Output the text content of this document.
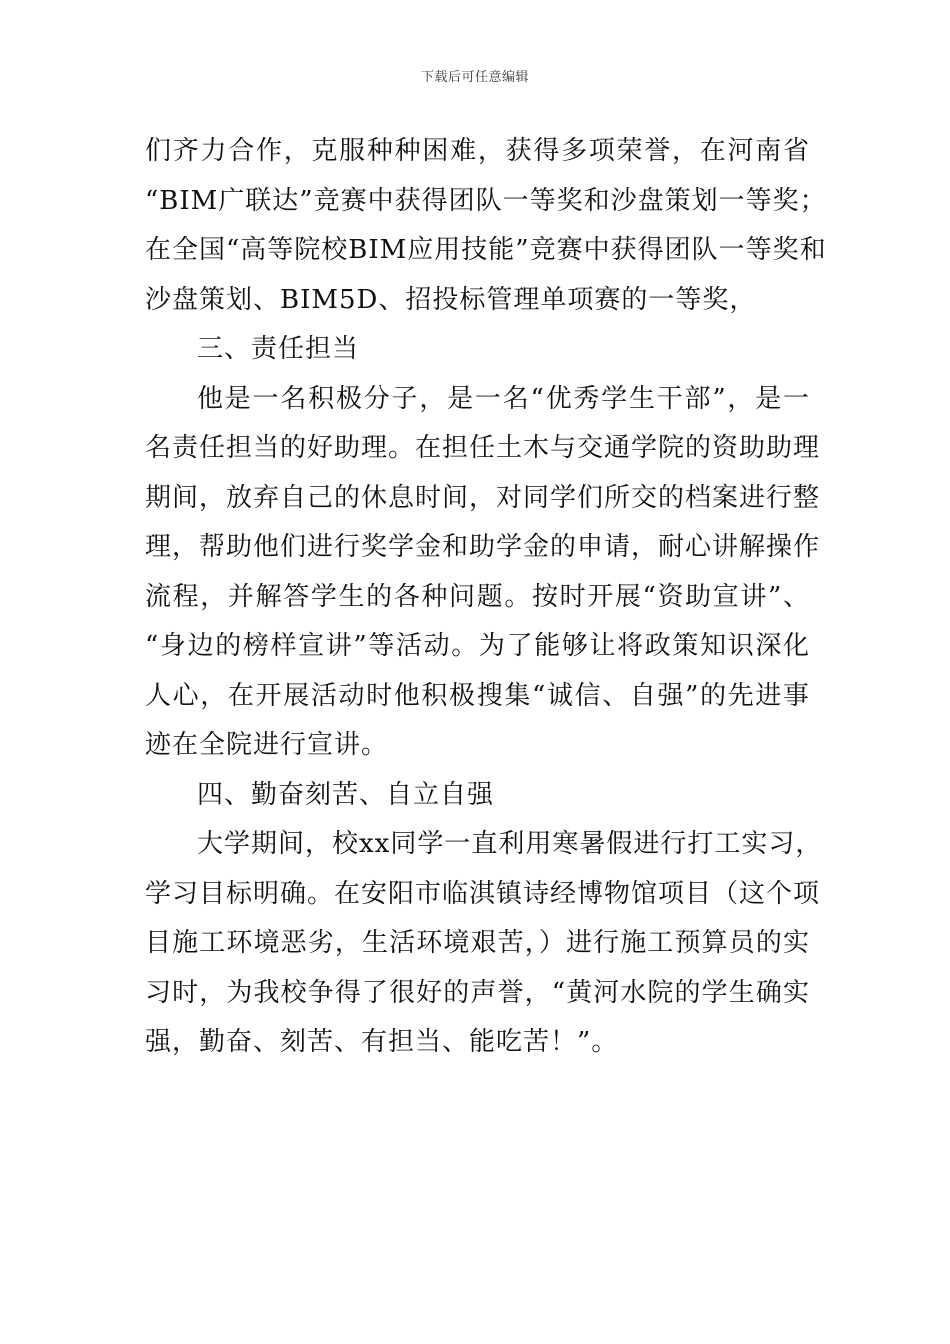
下载后可任意编辑
们齐力合作，克服种种困难，获得多项荣誉，在河南省
“BIM广联达”竞赛中获得团队一等奖和沙盘策划一等奖；
在全国“高等院校BIM应用技能”竞赛中获得团队一等奖和
沙盘策划、BIM5D、招投标管理单项赛的一等奖，
三、责任担当
他是一名积极分子，是一名“优秀学生干部”，是一
名责任担当的好助理。在担任土木与交通学院的资助助理
期间，放弃自己的休息时间，对同学们所交的档案进行整
理，帮助他们进行奖学金和助学金的申请，耐心讲解操作
流程，并解答学生的各种问题。按时开展“资助宣讲”、
“身边的榜样宣讲”等活动。为了能够让将政策知识深化
人心，在开展活动时他积极搜集“诚信、自强”的先进事
迹在全院进行宣讲。
四、勤奋刻苦、自立自强
大学期间，校xx同学一直利用寒暑假进行打工实习，
学习目标明确。在安阳市临淇镇诗经博物馆项目（这个项
目施工环境恶劣，生活环境艰苦，）进行施工预算员的实
习时，为我校争得了很好的声誉，“黄河水院的学生确实
强，勤奋、刻苦、有担当、能吃苦！”。
